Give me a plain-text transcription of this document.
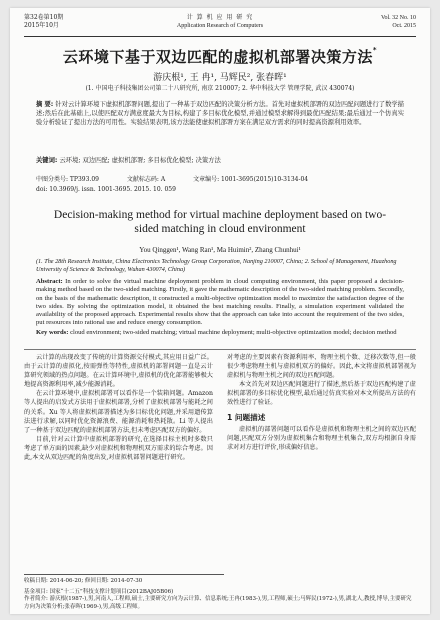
第32卷第10期
2015年10月
计 算 机 应 用 研 究
Application Research of Computers
Vol. 32 No. 10
Oct. 2015
云环境下基于双边匹配的虚拟机部署决策方法*
游庆根¹, 王 冉¹, 马辉民², 张春晖¹
(1. 中国电子科技集团公司第二十八研究所, 南京 210007; 2. 华中科技大学 管理学院, 武汉 430074)
摘 要: 针对云计算环境下虚拟机部署问题,提出了一种基于双边匹配的决策分析方法。首先对虚拟机部署的双边匹配问题进行了数学描述;然后在此基础上,以使匹配双方满意度最大为目标,构建了多目标优化模型,并通过模型求解得到最优匹配结果;最后通过一个仿真实验分析验证了提出方法的可用性。实验结果表明,该方法能使虚拟机部署方案在满足双方需求的同时提高资源利用效率。
关键词: 云环境; 双边匹配; 虚拟机部署; 多目标优化模型; 决策方法
中图分类号: TP393.09	文献标志码: A	文章编号: 1001-3695(2015)10-3134-04
doi: 10.3969/j. issn. 1001-3695. 2015. 10. 059
Decision-making method for virtual machine deployment based on two-sided matching in cloud environment
You Qinggen¹, Wang Ran¹, Ma Huimin², Zhang Chunhui¹
(1. The 28th Research Institute, China Electronics Technology Group Corporation, Nanjing 210007, China; 2. School of Management, Huazhong University of Science & Technology, Wuhan 430074, China)
Abstract: In order to solve the virtual machine deployment problem in cloud computing environment, this paper proposed a decision-making method based on the two-sided matching. Firstly, it gave the mathematic description of the two-sided matching problem. Secondly, on the basis of the mathematic description, it constructed a multi-objective optimization model to maximize the satisfaction degree of the two sides. By solving the optimization model, it obtained the best matching results. Finally, a simulation experiment validated the availability of the proposed approach. Experimental results show that the approach can take into account the requirement of the two sides, put resources into rational use and reduce energy consumption.
Key words: cloud environment; two-sided matching; virtual machine deployment; multi-objective optimization model; decision method

云计算的出现改变了传统的计算资源交付模式,其应用日益广泛。由于云计算的虚拟化,按需弹性等特性,虚拟机的部署问题一直是云计算研究领域的热点问题。在云计算环境中,虚拟机的优化部署能够极大地提高资源利用率,减少能源消耗。

在云计算环境中,虚拟机部署可以看作是一个装箱问题。Amazon 等人提出的启发式方法用于虚拟机部署,分析了虚拟机部署与能耗之间的关系。Xu 等人将虚拟机部署描述为多目标优化问题,并采用遗传算法进行求解,以同时优化资源浪费、能源消耗和热耗散。Li 等人提出了一种基于双边匹配的虚拟机部署方法,但未考虑匹配双方的偏好。

目前,针对云计算中虚拟机部署的研究,在选择目标主机时多数只考虑了单方面的因素,缺少对虚拟机和物理机双方需求的综合考虑。因此,本文从双边匹配的角度出发,对虚拟机部署问题进行研究。

对考虑的主要因素有资源利用率、物理主机个数、迁移次数等,但一般很少考虑物理主机与虚拟机双方的偏好。因此,本文将虚拟机部署视为虚拟机与物理主机之间的双边匹配问题。

本文首先对双边匹配问题进行了描述,然后基于双边匹配构建了虚拟机部署的多目标优化模型,最后通过仿真实验对本文所提出方法的有效性进行了验证。

1 问题描述

虚拟机的部署问题可以看作是虚拟机和物理主机之间的双边匹配问题,匹配双方分别为虚拟机集合和物理主机集合,双方均根据自身需求对对方进行评价,形成偏好信息。

收稿日期: 2014-06-20; 修回日期: 2014-07-30
基金项目: 国家“十二五”科技支撑计划项目(2012BAJ05B06)
作者简介: 游庆根(1987-),男,河南人,工程师,硕士,主要研究方向为云计算、信息系统;王冉(1983-),男,工程师,硕士;马辉民(1972-),男,湖北人,教授,博导,主要研究方向为决策分析;张春晖(1969-),男,高级工程师。
